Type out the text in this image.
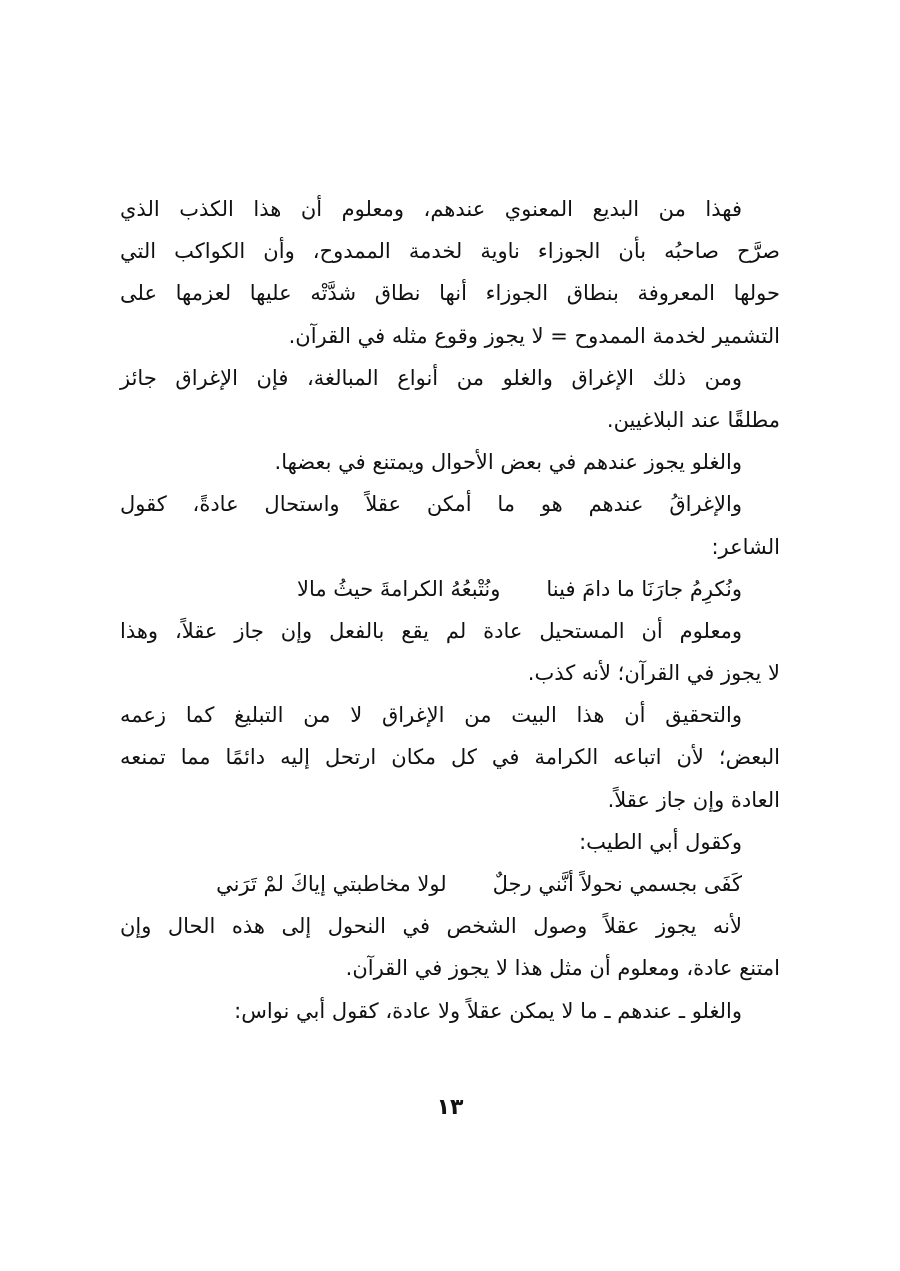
فهذا من البديع المعنوي عندهم، ومعلوم أن هذا الكذب الذي
صرَّح صاحبُه بأن الجوزاء ناوية لخدمة الممدوح، وأن الكواكب التي
حولها المعروفة بنطاق الجوزاء أنها نطاق شدَّتْه عليها لعزمها على
التشمير لخدمة الممدوح = لا يجوز وقوع مثله في القرآن.
ومن ذلك الإغراق والغلو من أنواع المبالغة، فإن الإغراق جائز
مطلقًا عند البلاغيين.
والغلو يجوز عندهم في بعض الأحوال ويمتنع في بعضها.
والإغراقُ عندهم هو ما أمكن عقلاً واستحال عادةً، كقول
الشاعر:
ونُكرِمُ جارَنَا ما دامَ فينا
ونُتْبعُهُ الكرامةَ حيثُ مالا
ومعلوم أن المستحيل عادة لم يقع بالفعل وإن جاز عقلاً، وهذا
لا يجوز في القرآن؛ لأنه كذب.
والتحقيق أن هذا البيت من الإغراق لا من التبليغ كما زعمه
البعض؛ لأن اتباعه الكرامة في كل مكان ارتحل إليه دائمًا مما تمنعه
العادة وإن جاز عقلاً.
وكقول أبي الطيب:
كَفَى بجسمي نحولاً أنَّني رجلٌ
لولا مخاطبتي إياكَ لمْ تَرَني
لأنه يجوز عقلاً وصول الشخص في النحول إلى هذه الحال وإن
امتنع عادة، ومعلوم أن مثل هذا لا يجوز في القرآن.
والغلو ـ عندهم ـ ما لا يمكن عقلاً ولا عادة، كقول أبي نواس:
١٣
